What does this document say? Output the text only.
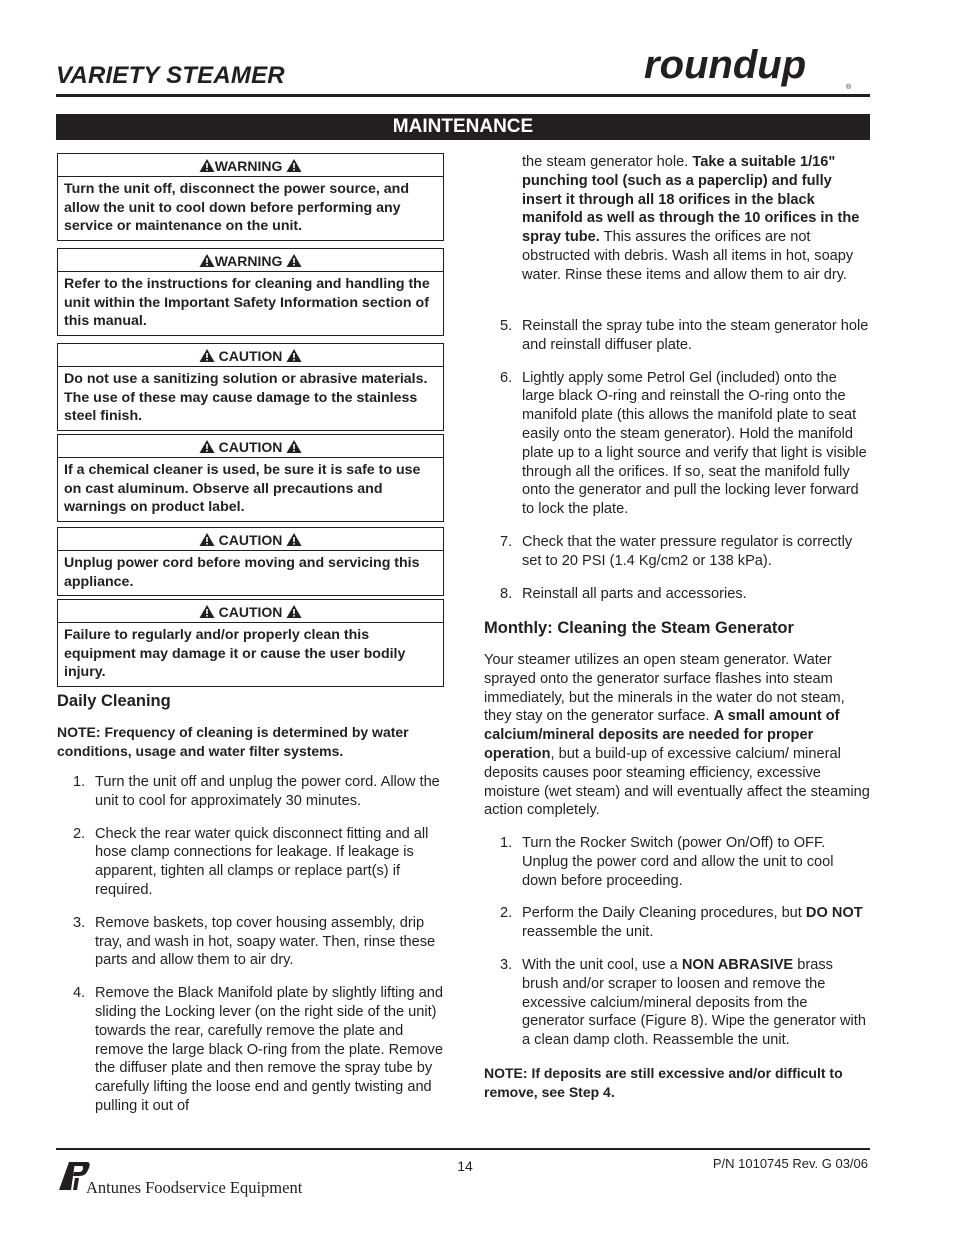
VARIETY STEAMER	roundup
®
MAINTENANCE
WARNING
Turn the unit off, disconnect the power source, and allow the unit to cool down before performing any service or maintenance on the unit.
WARNING
Refer to the instructions for cleaning and handling the unit within the Important Safety Information section of this manual.
CAUTION
Do not use a sanitizing solution or abrasive materials. The use of these may cause damage to the stainless steel finish.
CAUTION
If a chemical cleaner is used, be sure it is safe to use on cast aluminum. Observe all precautions and warnings on product label.
CAUTION
Unplug power cord before moving and servicing this appliance.
CAUTION
Failure to regularly and/or properly clean this equipment may damage it or cause the user bodily injury.
Daily Cleaning
NOTE: Frequency of cleaning is determined by water conditions, usage and water filter systems.
1. Turn the unit off and unplug the power cord. Allow the unit to cool for approximately 30 minutes.
2. Check the rear water quick disconnect fitting and all hose clamp connections for leakage. If leakage is apparent, tighten all clamps or replace part(s) if required.
3. Remove baskets, top cover housing assembly, drip tray, and wash in hot, soapy water. Then, rinse these parts and allow them to air dry.
4. Remove the Black Manifold plate by slightly lifting and sliding the Locking lever (on the right side of the unit) towards the rear, carefully remove the plate and remove the large black O-ring from the plate. Remove the diffuser plate and then remove the spray tube by carefully lifting the loose end and gently twisting and pulling it out of
the steam generator hole. Take a suitable 1/16" punching tool (such as a paperclip) and fully insert it through all 18 orifices in the black manifold as well as through the 10 orifices in the spray tube. This assures the orifices are not obstructed with debris. Wash all items in hot, soapy water. Rinse these items and allow them to air dry.
5. Reinstall the spray tube into the steam generator hole and reinstall diffuser plate.
6. Lightly apply some Petrol Gel (included) onto the large black O-ring and reinstall the O-ring onto the manifold plate (this allows the manifold plate to seat easily onto the steam generator). Hold the manifold plate up to a light source and verify that light is visible through all the orifices. If so, seat the manifold fully onto the generator and pull the locking lever forward to lock the plate.
7. Check that the water pressure regulator is correctly set to 20 PSI (1.4 Kg/cm2 or 138 kPa).
8. Reinstall all parts and accessories.
Monthly: Cleaning the Steam Generator
Your steamer utilizes an open steam generator. Water sprayed onto the generator surface flashes into steam immediately, but the minerals in the water do not steam, they stay on the generator surface. A small amount of calcium/mineral deposits are needed for proper operation, but a build-up of excessive calcium/ mineral deposits causes poor steaming efficiency, excessive moisture (wet steam) and will eventually affect the steaming action completely.
1. Turn the Rocker Switch (power On/Off) to OFF. Unplug the power cord and allow the unit to cool down before proceeding.
2. Perform the Daily Cleaning procedures, but DO NOT reassemble the unit.
3. With the unit cool, use a NON ABRASIVE brass brush and/or scraper to loosen and remove the excessive calcium/mineral deposits from the generator surface (Figure 8). Wipe the generator with a clean damp cloth. Reassemble the unit.
NOTE: If deposits are still excessive and/or difficult to remove, see Step 4.
Antunes Foodservice Equipment
14	P/N 1010745 Rev. G 03/06
